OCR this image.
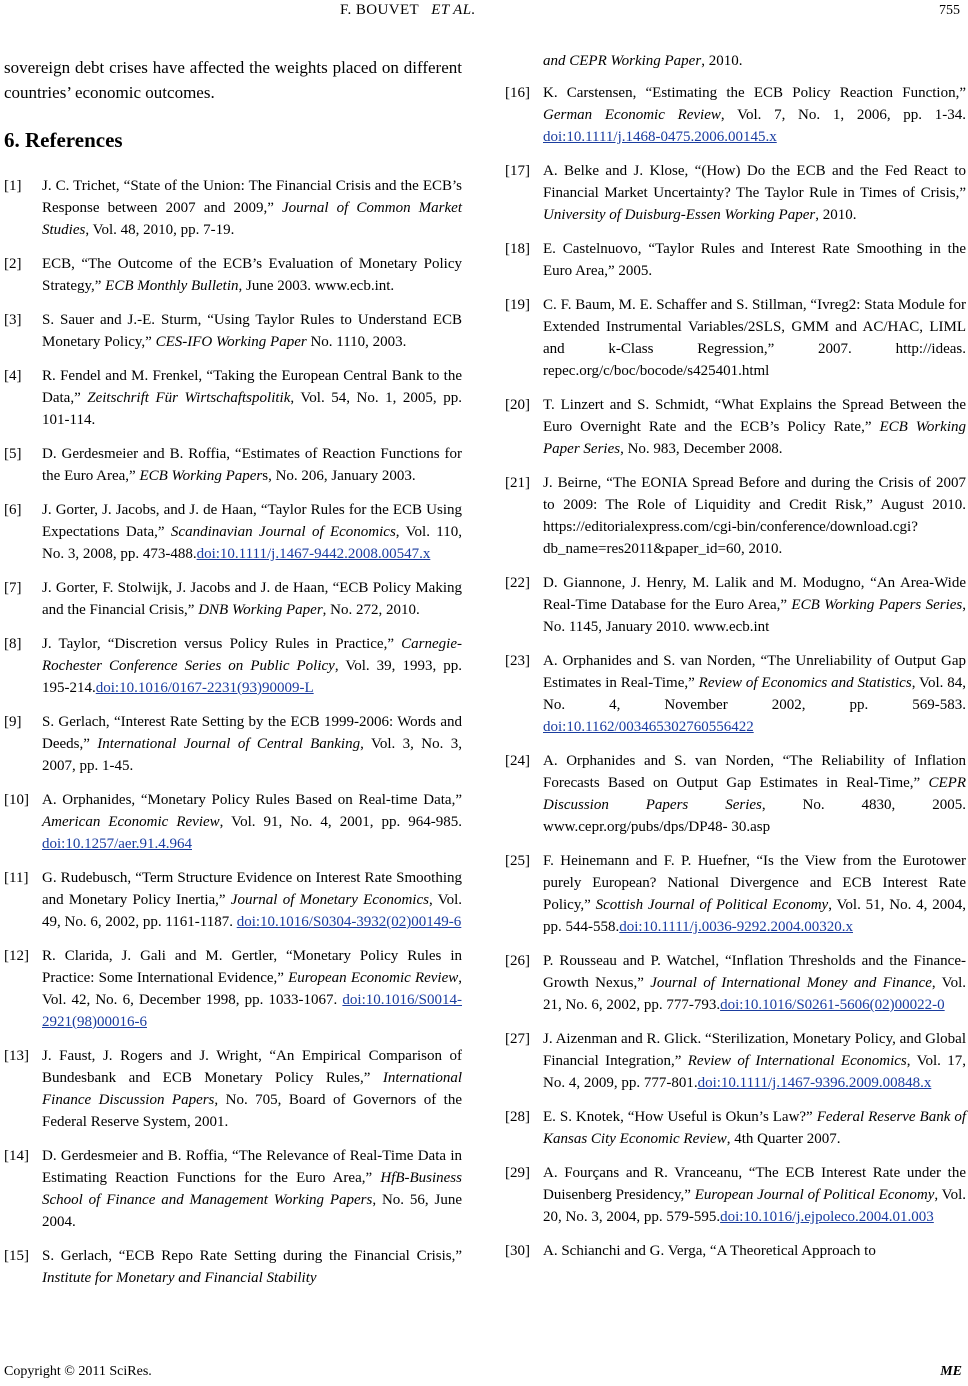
F. BOUVET ET AL.	755

sovereign debt crises have affected the weights placed on different countries’ economic outcomes.

6. References
[1] J. C. Trichet, “State of the Union: The Financial Crisis and the ECB’s Response between 2007 and 2009,” Journal of Common Market Studies, Vol. 48, 2010, pp. 7-19.
[2] ECB, “The Outcome of the ECB’s Evaluation of Monetary Policy Strategy,” ECB Monthly Bulletin, June 2003. www.ecb.int.
[3] S. Sauer and J.-E. Sturm, “Using Taylor Rules to Understand ECB Monetary Policy,” CES-IFO Working Paper No. 1110, 2003.
[4] R. Fendel and M. Frenkel, “Taking the European Central Bank to the Data,” Zeitschrift Für Wirtschaftspolitik, Vol. 54, No. 1, 2005, pp. 101-114.
[5] D. Gerdesmeier and B. Roffia, “Estimates of Reaction Functions for the Euro Area,” ECB Working Papers, No. 206, January 2003.
[6] J. Gorter, J. Jacobs, and J. de Haan, “Taylor Rules for the ECB Using Expectations Data,” Scandinavian Journal of Economics, Vol. 110, No. 3, 2008, pp. 473-488.doi:10.1111/j.1467-9442.2008.00547.x
[7] J. Gorter, F. Stolwijk, J. Jacobs and J. de Haan, “ECB Policy Making and the Financial Crisis,” DNB Working Paper, No. 272, 2010.
[8] J. Taylor, “Discretion versus Policy Rules in Practice,” Carnegie-Rochester Conference Series on Public Policy, Vol. 39, 1993, pp. 195-214.doi:10.1016/0167-2231(93)90009-L
[9] S. Gerlach, “Interest Rate Setting by the ECB 1999-2006: Words and Deeds,” International Journal of Central Banking, Vol. 3, No. 3, 2007, pp. 1-45.
[10] A. Orphanides, “Monetary Policy Rules Based on Real-time Data,” American Economic Review, Vol. 91, No. 4, 2001, pp. 964-985. doi:10.1257/aer.91.4.964
[11] G. Rudebusch, “Term Structure Evidence on Interest Rate Smoothing and Monetary Policy Inertia,” Journal of Monetary Economics, Vol. 49, No. 6, 2002, pp. 1161-1187. doi:10.1016/S0304-3932(02)00149-6
[12] R. Clarida, J. Gali and M. Gertler, “Monetary Policy Rules in Practice: Some International Evidence,” European Economic Review, Vol. 42, No. 6, December 1998, pp. 1033-1067. doi:10.1016/S0014-2921(98)00016-6
[13] J. Faust, J. Rogers and J. Wright, “An Empirical Comparison of Bundesbank and ECB Monetary Policy Rules,” International Finance Discussion Papers, No. 705, Board of Governors of the Federal Reserve System, 2001.
[14] D. Gerdesmeier and B. Roffia, “The Relevance of Real-Time Data in Estimating Reaction Functions for the Euro Area,” HfB-Business School of Finance and Management Working Papers, No. 56, June 2004.
[15] S. Gerlach, “ECB Repo Rate Setting during the Financial Crisis,” Institute for Monetary and Financial Stability
and CEPR Working Paper, 2010.
[16] K. Carstensen, “Estimating the ECB Policy Reaction Function,” German Economic Review, Vol. 7, No. 1, 2006, pp. 1-34. doi:10.1111/j.1468-0475.2006.00145.x
[17] A. Belke and J. Klose, “(How) Do the ECB and the Fed React to Financial Market Uncertainty? The Taylor Rule in Times of Crisis,” University of Duisburg-Essen Working Paper, 2010.
[18] E. Castelnuovo, “Taylor Rules and Interest Rate Smoothing in the Euro Area,” 2005.
[19] C. F. Baum, M. E. Schaffer and S. Stillman, “Ivreg2: Stata Module for Extended Instrumental Variables/2SLS, GMM and AC/HAC, LIML and k-Class Regression,” 2007. http://ideas. repec.org/c/boc/bocode/s425401.html
[20] T. Linzert and S. Schmidt, “What Explains the Spread Between the Euro Overnight Rate and the ECB’s Policy Rate,” ECB Working Paper Series, No. 983, December 2008.
[21] J. Beirne, “The EONIA Spread Before and during the Crisis of 2007 to 2009: The Role of Liquidity and Credit Risk,” August 2010. https://editorialexpress.com/cgi-bin/conference/download.cgi?db_name=res2011&paper_id=60, 2010.
[22] D. Giannone, J. Henry, M. Lalik and M. Modugno, “An Area-Wide Real-Time Database for the Euro Area,” ECB Working Papers Series, No. 1145, January 2010. www.ecb.int
[23] A. Orphanides and S. van Norden, “The Unreliability of Output Gap Estimates in Real-Time,” Review of Economics and Statistics, Vol. 84, No. 4, November 2002, pp. 569-583. doi:10.1162/003465302760556422
[24] A. Orphanides and S. van Norden, “The Reliability of Inflation Forecasts Based on Output Gap Estimates in Real-Time,” CEPR Discussion Papers Series, No. 4830, 2005. www.cepr.org/pubs/dps/DP48- 30.asp
[25] F. Heinemann and F. P. Huefner, “Is the View from the Eurotower purely European? National Divergence and ECB Interest Rate Policy,” Scottish Journal of Political Economy, Vol. 51, No. 4, 2004, pp. 544-558.doi:10.1111/j.0036-9292.2004.00320.x
[26] P. Rousseau and P. Watchel, “Inflation Thresholds and the Finance-Growth Nexus,” Journal of International Money and Finance, Vol. 21, No. 6, 2002, pp. 777-793.doi:10.1016/S0261-5606(02)00022-0
[27] J. Aizenman and R. Glick. “Sterilization, Monetary Policy, and Global Financial Integration,” Review of International Economics, Vol. 17, No. 4, 2009, pp. 777-801.doi:10.1111/j.1467-9396.2009.00848.x
[28] E. S. Knotek, “How Useful is Okun’s Law?” Federal Reserve Bank of Kansas City Economic Review, 4th Quarter 2007.
[29] A. Fourçans and R. Vranceanu, “The ECB Interest Rate under the Duisenberg Presidency,” European Journal of Political Economy, Vol. 20, No. 3, 2004, pp. 579-595.doi:10.1016/j.ejpoleco.2004.01.003
[30] A. Schianchi and G. Verga, “A Theoretical Approach to
Copyright © 2011 SciRes.	ME
